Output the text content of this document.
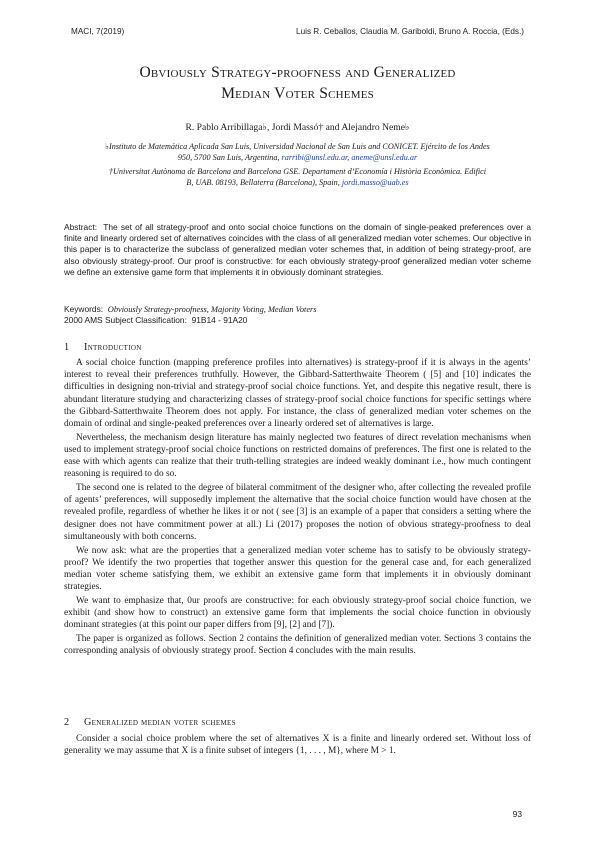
MACI, 7(2019)	Luis R. Ceballos, Claudia M. Gariboldi, Bruno A. Roccia, (Eds.)
Obviously Strategy-proofness and Generalized
Median Voter Schemes
R. Pablo Arribillaga♭, Jordi Massó† and Alejandro Neme♭
♭Instituto de Matemática Aplicada San Luis, Universidad Nacional de San Luis and CONICET. Ejército de los Andes
950, 5700 San Luis, Argentina, rarribi@unsl.edu.ar, aneme@unsl.edu.ar
†Universitat Autònoma de Barcelona and Barcelona GSE. Departament d’Economía i Història Econòmica. Edifici
B, UAB. 08193, Bellaterra (Barcelona), Spain, jordi.masso@uab.es
Abstract: The set of all strategy-proof and onto social choice functions on the domain of single-peaked preferences over a finite and linearly ordered set of alternatives coincides with the class of all generalized median voter schemes. Our objective in this paper is to characterize the subclass of generalized median voter schemes that, in addition of being strategy-proof, are also obviously strategy-proof. Our proof is constructive: for each obviously strategy-proof generalized median voter scheme we define an extensive game form that implements it in obviously dominant strategies.
Keywords: Obviously Strategy-proofness, Majority Voting, Median Voters
2000 AMS Subject Classification: 91B14 - 91A20
1 Introduction

A social choice function (mapping preference profiles into alternatives) is strategy-proof if it is always in the agents’ interest to reveal their preferences truthfully. However, the Gibbard-Satterthwaite Theorem ( [5] and [10] indicates the difficulties in designing non-trivial and strategy-proof social choice functions. Yet, and despite this negative result, there is abundant literature studying and characterizing classes of strategy-proof social choice functions for specific settings where the Gibbard-Satterthwaite Theorem does not apply. For instance, the class of generalized median voter schemes on the domain of ordinal and single-peaked preferences over a linearly ordered set of alternatives is large.

Nevertheless, the mechanism design literature has mainly neglected two features of direct revelation mechanisms when used to implement strategy-proof social choice functions on restricted domains of preferences. The first one is related to the ease with which agents can realize that their truth-telling strategies are indeed weakly dominant i.e., how much contingent reasoning is required to do so.

The second one is related to the degree of bilateral commitment of the designer who, after collecting the revealed profile of agents’ preferences, will supposedly implement the alternative that the social choice function would have chosen at the revealed profile, regardless of whether he likes it or not ( see [3] is an example of a paper that considers a setting where the designer does not have commitment power at all.) Li (2017) proposes the notion of obvious strategy-proofness to deal simultaneously with both concerns.

We now ask: what are the properties that a generalized median voter scheme has to satisfy to be obviously strategy-proof? We identify the two properties that together answer this question for the general case and, for each generalized median voter scheme satisfying them, we exhibit an extensive game form that implements it in obviously dominant strategies.

We want to emphasize that, 0ur proofs are constructive: for each obviously strategy-proof social choice function, we exhibit (and show how to construct) an extensive game form that implements the social choice function in obviously dominant strategies (at this point our paper differs from [9], [2] and [7]).

The paper is organized as follows. Section 2 contains the definition of generalized median voter. Sections 3 contains the corresponding analysis of obviously strategy proof. Section 4 concludes with the main results.

2 Generalized median voter schemes

Consider a social choice problem where the set of alternatives X is a finite and linearly ordered set. Without loss of generality we may assume that X is a finite subset of integers {1, . . . , M}, where M > 1.

93
